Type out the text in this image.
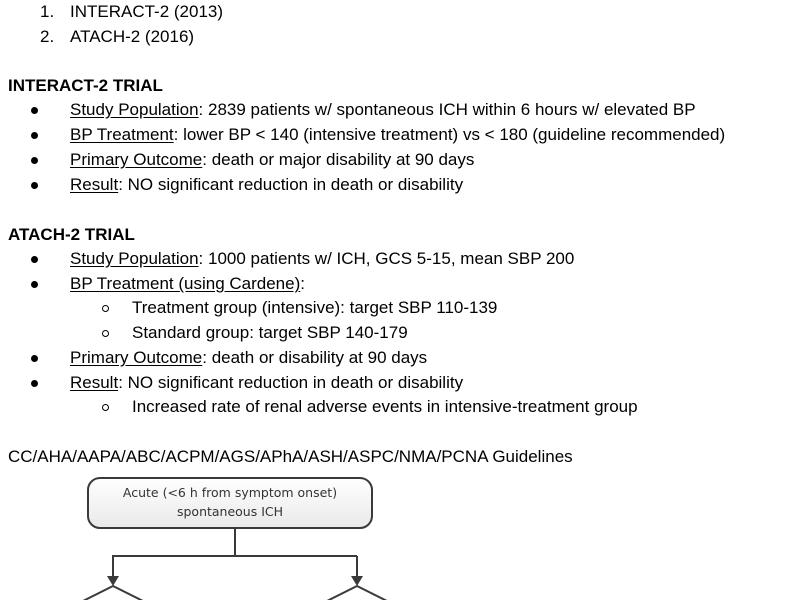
1. INTERACT-2 (2013)
2. ATACH-2 (2016)
INTERACT-2 TRIAL
Study Population: 2839 patients w/ spontaneous ICH within 6 hours w/ elevated BP
BP Treatment: lower BP < 140 (intensive treatment) vs < 180 (guideline recommended)
Primary Outcome: death or major disability at 90 days
Result: NO significant reduction in death or disability
ATACH-2 TRIAL
Study Population: 1000 patients w/ ICH, GCS 5-15, mean SBP 200
BP Treatment (using Cardene):
Treatment group (intensive): target SBP 110-139
Standard group: target SBP 140-179
Primary Outcome: death or disability at 90 days
Result: NO significant reduction in death or disability
Increased rate of renal adverse events in intensive-treatment group
CC/AHA/AAPA/ABC/ACPM/AGS/APhA/ASH/ASPC/NMA/PCNA Guidelines
Acute (<6 h from symptom onset)
spontaneous ICH
